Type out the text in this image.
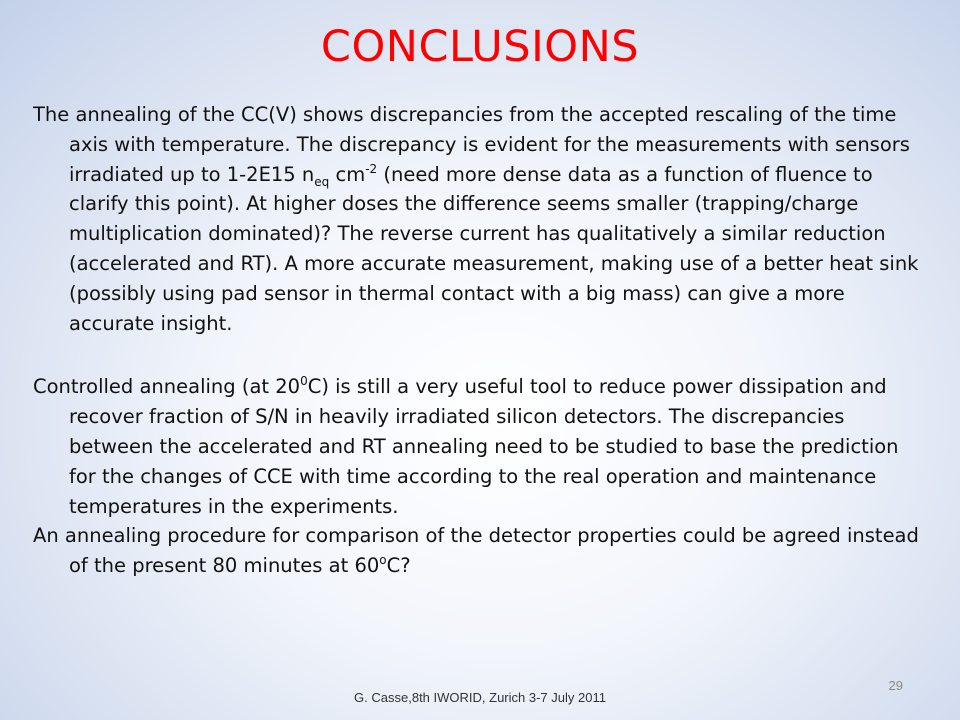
CONCLUSIONS

The annealing of the CC(V) shows discrepancies from the accepted rescaling of the time axis with temperature. The discrepancy is evident for the measurements with sensors irradiated up to 1-2E15 $n_{eq}$ $cm^{-2}$ (need more dense data as a function of fluence to clarify this point). At higher doses the difference seems smaller (trapping/charge multiplication dominated)? The reverse current has qualitatively a similar reduction (accelerated and RT). A more accurate measurement, making use of a better heat sink (possibly using pad sensor in thermal contact with a big mass) can give a more accurate insight.

Controlled annealing (at $20^0C$) is still a very useful tool to reduce power dissipation and recover fraction of S/N in heavily irradiated silicon detectors. The discrepancies between the accelerated and RT annealing need to be studied to base the prediction for the changes of CCE with time according to the real operation and maintenance temperatures in the experiments.

An annealing procedure for comparison of the detector properties could be agreed instead of the present 80 minutes at 60$^o$C?

29
G. Casse,8th IWORID, Zurich 3-7 July 2011
